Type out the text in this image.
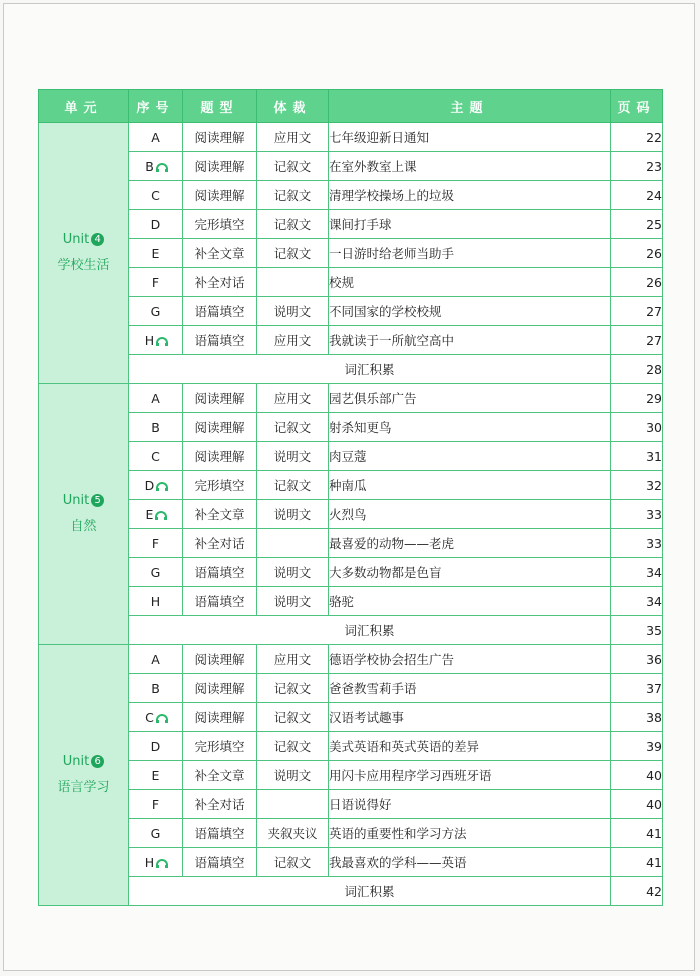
单元	序号	题型	体裁	主题	页码

Unit 4
学校生活	A	阅读理解	应用文	七年级迎新日通知	22
	B	阅读理解	记叙文	在室外教室上课	23
	C	阅读理解	记叙文	清理学校操场上的垃圾	24
	D	完形填空	记叙文	课间打手球	25
	E	补全文章	记叙文	一日游时给老师当助手	26
	F	补全对话		校规	26
	G	语篇填空	说明文	不同国家的学校校规	27
	H	语篇填空	应用文	我就读于一所航空高中	27
	词汇积累				28

Unit 5
自然	A	阅读理解	应用文	园艺俱乐部广告	29
	B	阅读理解	记叙文	射杀知更鸟	30
	C	阅读理解	说明文	肉豆蔻	31
	D	完形填空	记叙文	种南瓜	32
	E	补全文章	说明文	火烈鸟	33
	F	补全对话		最喜爱的动物——老虎	33
	G	语篇填空	说明文	大多数动物都是色盲	34
	H	语篇填空	说明文	骆驼	34
	词汇积累				35

Unit 6
语言学习	A	阅读理解	应用文	德语学校协会招生广告	36
	B	阅读理解	记叙文	爸爸教雪莉手语	37
	C	阅读理解	记叙文	汉语考试趣事	38
	D	完形填空	记叙文	美式英语和英式英语的差异	39
	E	补全文章	说明文	用闪卡应用程序学习西班牙语	40
	F	补全对话		日语说得好	40
	G	语篇填空	夹叙夹议	英语的重要性和学习方法	41
	H	语篇填空	记叙文	我最喜欢的学科——英语	41
	词汇积累				42
